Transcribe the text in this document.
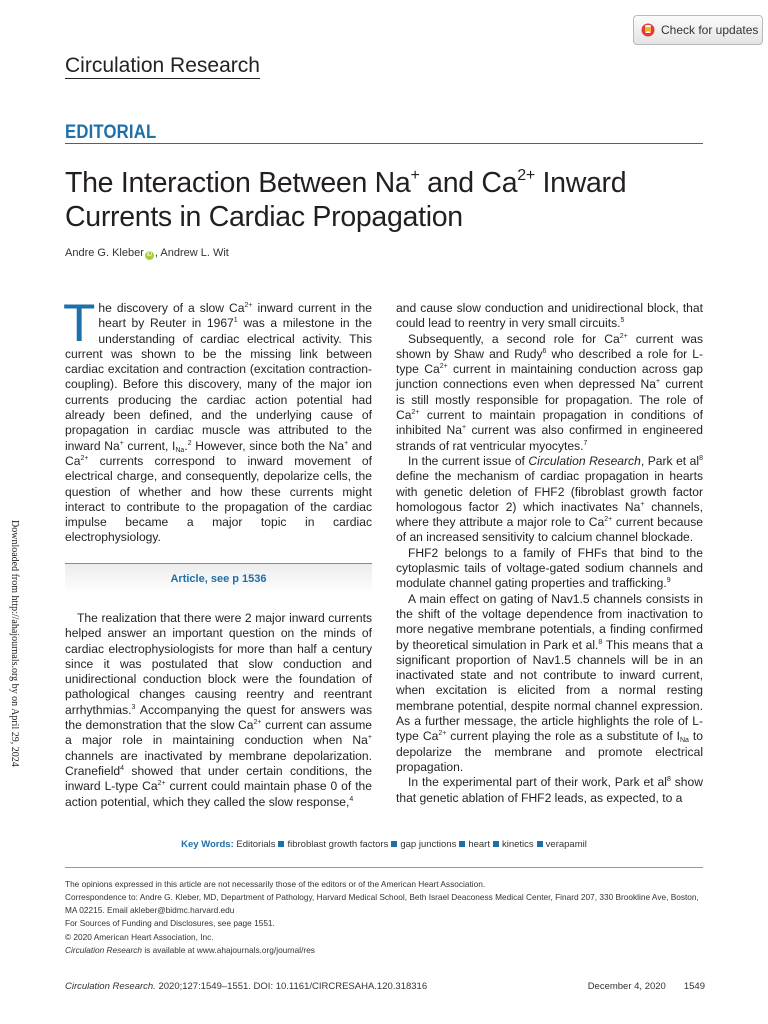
Check for updates
Circulation Research
EDITORIAL
The Interaction Between Na+ and $Ca^{2+}$ Inward
Currents in Cardiac Propagation
Andre G. Kleber iD , Andrew L. Wit
Downloaded from http://ahajournals.org by on April 29, 2024

The discovery of a slow $Ca^{2+}$ inward current in the heart by Reuter in 1967$^1$ was a milestone in the understanding of cardiac electrical activity. This current was shown to be the missing link between cardiac excitation and contraction (excitation contraction-coupling). Before this discovery, many of the major ion currents producing the cardiac action potential had already been defined, and the underlying cause of propagation in cardiac muscle was attributed to the inward Na+ current, $I_{Na}.^2$ However, since both the Na+ and $Ca^{2+}$ currents correspond to inward movement of electrical charge, and consequently, depolarize cells, the question of whether and how these currents might interact to contribute to the propagation of the cardiac impulse became a major topic in cardiac electrophysiology.

Article, see p 1536

The realization that there were 2 major inward currents helped answer an important question on the minds of cardiac electrophysiologists for more than half a century since it was postulated that slow conduction and unidirectional conduction block were the foundation of pathological changes causing reentry and reentrant arrhythmias.$^3$ Accompanying the quest for answers was the demonstration that the slow $Ca^{2+}$ current can assume a major role in maintaining conduction when Na+ channels are inactivated by membrane depolarization. Cranefield$^4$ showed that under certain conditions, the inward L-type $Ca^{2+}$ current could maintain phase 0 of the action potential, which they called the slow response,$^4$

and cause slow conduction and unidirectional block, that could lead to reentry in very small circuits.$^5$

Subsequently, a second role for $Ca^{2+}$ current was shown by Shaw and Rudy$^6$ who described a role for L-type $Ca^{2+}$ current in maintaining conduction across gap junction connections even when depressed Na+ current is still mostly responsible for propagation. The role of $Ca^{2+}$ current to maintain propagation in conditions of inhibited Na+ current was also confirmed in engineered strands of rat ventricular myocytes.$^7$

In the current issue of Circulation Research, Park et $al^8$ define the mechanism of cardiac propagation in hearts with genetic deletion of FHF2 (fibroblast growth factor homologous factor 2) which inactivates Na+ channels, where they attribute a major role to $Ca^{2+}$ current because of an increased sensitivity to calcium channel blockade.

FHF2 belongs to a family of FHFs that bind to the cytoplasmic tails of voltage-gated sodium channels and modulate channel gating properties and trafficking.$^9$

A main effect on gating of Nav1.5 channels consists in the shift of the voltage dependence from inactivation to more negative membrane potentials, a finding confirmed by theoretical simulation in Park et al.$^8$ This means that a significant proportion of Nav1.5 channels will be in an inactivated state and not contribute to inward current, when excitation is elicited from a normal resting membrane potential, despite normal channel expression. As a further message, the article highlights the role of L-type $Ca^{2+}$ current playing the role as a substitute of $I_{Na}$ to depolarize the membrane and promote electrical propagation.

In the experimental part of their work, Park et $al^8$ show that genetic ablation of FHF2 leads, as expected, to a

Key Words: Editorials fibroblast growth factors gap junctions heart kinetics verapamil

The opinions expressed in this article are not necessarily those of the editors or of the American Heart Association.

Correspondence to: Andre G. Kleber, MD, Department of Pathology, Harvard Medical School, Beth Israel Deaconess Medical Center, Finard 207, 330 Brookline Ave, Boston, MA 02215. Email akleber@bidmc.harvard.edu

For Sources of Funding and Disclosures, see page 1551.

© 2020 American Heart Association, Inc.

Circulation Research is available at www.ahajournals.org/journal/res

Circulation Research. 2020;127:1549–1551. DOI: 10.1161/CIRCRESAHA.120.318316	December 4, 2020 1549
